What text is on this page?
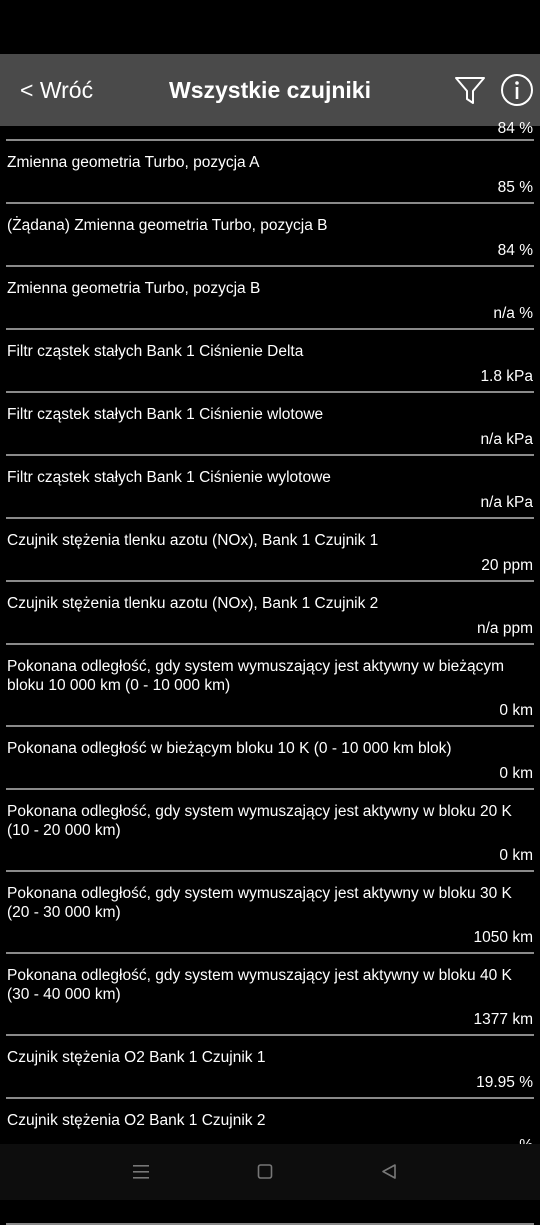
< Wróć	Wszystkie czujniki
84 %
Zmienna geometria Turbo, pozycja A
85 %
(Żądana) Zmienna geometria Turbo, pozycja B
84 %
Zmienna geometria Turbo, pozycja B
n/a %
Filtr cząstek stałych Bank 1 Ciśnienie Delta
1.8 kPa
Filtr cząstek stałych Bank 1 Ciśnienie wlotowe
n/a kPa
Filtr cząstek stałych Bank 1 Ciśnienie wylotowe
n/a kPa
Czujnik stężenia tlenku azotu (NOx), Bank 1 Czujnik 1
20 ppm
Czujnik stężenia tlenku azotu (NOx), Bank 1 Czujnik 2
n/a ppm
Pokonana odległość, gdy system wymuszający jest aktywny w bieżącym bloku 10 000 km (0 - 10 000 km)
0 km
Pokonana odległość w bieżącym bloku 10 K (0 - 10 000 km blok)
0 km
Pokonana odległość, gdy system wymuszający jest aktywny w bloku 20 K (10 - 20 000 km)
0 km
Pokonana odległość, gdy system wymuszający jest aktywny w bloku 30 K (20 - 30 000 km)
1050 km
Pokonana odległość, gdy system wymuszający jest aktywny w bloku 40 K (30 - 40 000 km)
1377 km
Czujnik stężenia O2 Bank 1 Czujnik 1
19.95 %
Czujnik stężenia O2 Bank 1 Czujnik 2
